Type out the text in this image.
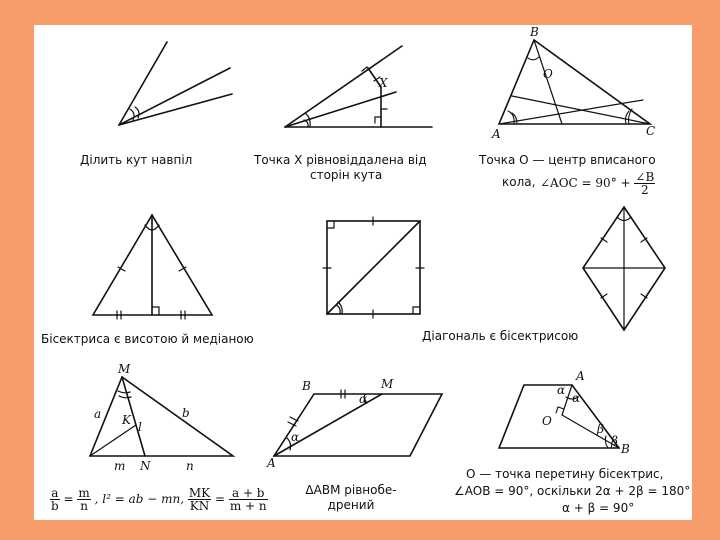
Ділить кут навпіл
X
Точка X рівновіддалена від
сторін кута
B
O
A	C
Точка O — центр вписаного
кола, ∠AOC = $90^\circ + \frac{\angle B}{2}$
Бісектриса є висотою й медіаною	Діагональ є бісектрисою
M
a K l
b
m N	n
$\frac{a}{b} = \frac{m}{n}$ , l² = ab − mn, $\frac{MK}{KN} = \frac{a + b}{m + n}$
B	M
A
α
α
ΔABM рівнобе-
дрений
A
O
B
α
α
β
β
O — точка перетину бісектрис,
∠AOB = 90°, оскільки 2α + 2β = 180°
α + β = 90°
